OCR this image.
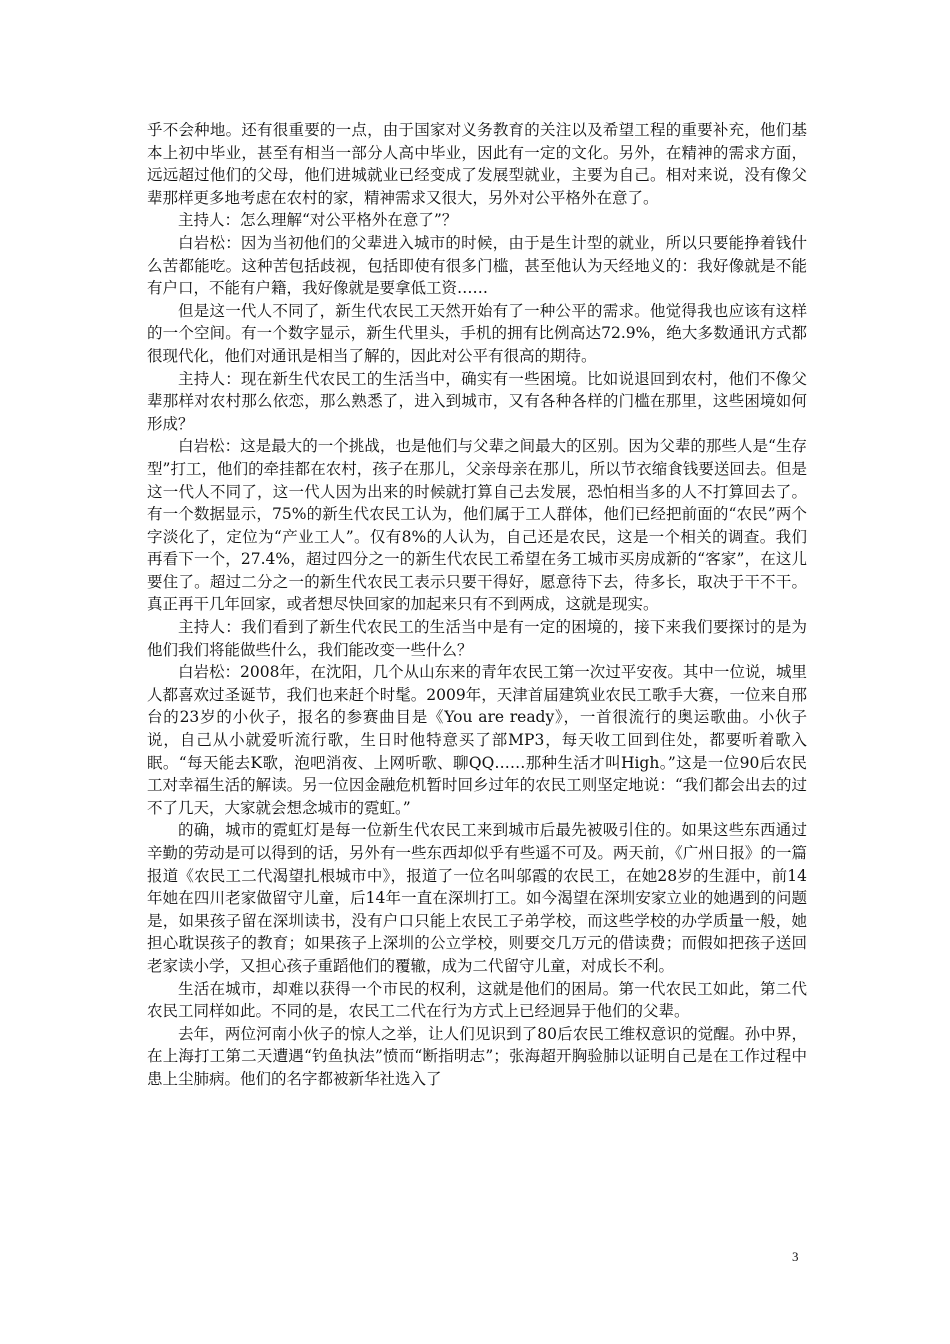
乎不会种地。还有很重要的一点，由于国家对义务教育的关注以及希望工程的重要补充，他们基本上初中毕业，甚至有相当一部分人高中毕业，因此有一定的文化。另外，在精神的需求方面，远远超过他们的父母，他们进城就业已经变成了发展型就业，主要为自己。相对来说，没有像父辈那样更多地考虑在农村的家，精神需求又很大，另外对公平格外在意了。

主持人：怎么理解“对公平格外在意了”？

白岩松：因为当初他们的父辈进入城市的时候，由于是生计型的就业，所以只要能挣着钱什么苦都能吃。这种苦包括歧视，包括即使有很多门槛，甚至他认为天经地义的：我好像就是不能有户口，不能有户籍，我好像就是要拿低工资……

但是这一代人不同了，新生代农民工天然开始有了一种公平的需求。他觉得我也应该有这样的一个空间。有一个数字显示，新生代里头，手机的拥有比例高达72.9%，绝大多数通讯方式都很现代化，他们对通讯是相当了解的，因此对公平有很高的期待。

主持人：现在新生代农民工的生活当中，确实有一些困境。比如说退回到农村，他们不像父辈那样对农村那么依恋，那么熟悉了，进入到城市，又有各种各样的门槛在那里，这些困境如何形成？

白岩松：这是最大的一个挑战，也是他们与父辈之间最大的区别。因为父辈的那些人是“生存型”打工，他们的牵挂都在农村，孩子在那儿，父亲母亲在那儿，所以节衣缩食钱要送回去。但是这一代人不同了，这一代人因为出来的时候就打算自己去发展，恐怕相当多的人不打算回去了。有一个数据显示，75%的新生代农民工认为，他们属于工人群体，他们已经把前面的“农民”两个字淡化了，定位为“产业工人”。仅有8%的人认为，自己还是农民，这是一个相关的调查。我们再看下一个，27.4%，超过四分之一的新生代农民工希望在务工城市买房成新的“客家”，在这儿要住了。超过二分之一的新生代农民工表示只要干得好，愿意待下去，待多长，取决于干不干。真正再干几年回家，或者想尽快回家的加起来只有不到两成，这就是现实。

主持人：我们看到了新生代农民工的生活当中是有一定的困境的，接下来我们要探讨的是为他们我们将能做些什么，我们能改变一些什么？

白岩松：2008年，在沈阳，几个从山东来的青年农民工第一次过平安夜。其中一位说，城里人都喜欢过圣诞节，我们也来赶个时髦。2009年，天津首届建筑业农民工歌手大赛，一位来自邢台的23岁的小伙子，报名的参赛曲目是《You are ready》，一首很流行的奥运歌曲。小伙子说，自己从小就爱听流行歌，生日时他特意买了部MP3，每天收工回到住处，都要听着歌入眠。“每天能去K歌，泡吧消夜、上网听歌、聊QQ……那种生活才叫High。”这是一位90后农民工对幸福生活的解读。另一位因金融危机暂时回乡过年的农民工则坚定地说：“我们都会出去的过不了几天，大家就会想念城市的霓虹。”

的确，城市的霓虹灯是每一位新生代农民工来到城市后最先被吸引住的。如果这些东西通过辛勤的劳动是可以得到的话，另外有一些东西却似乎有些遥不可及。两天前，《广州日报》的一篇报道《农民工二代渴望扎根城市中》，报道了一位名叫邬霞的农民工，在她28岁的生涯中，前14年她在四川老家做留守儿童，后14年一直在深圳打工。如今渴望在深圳安家立业的她遇到的问题是，如果孩子留在深圳读书，没有户口只能上农民工子弟学校，而这些学校的办学质量一般，她担心耽误孩子的教育；如果孩子上深圳的公立学校，则要交几万元的借读费；而假如把孩子送回老家读小学，又担心孩子重蹈他们的覆辙，成为二代留守儿童，对成长不利。

生活在城市，却难以获得一个市民的权利，这就是他们的困局。第一代农民工如此，第二代农民工同样如此。不同的是，农民工二代在行为方式上已经迥异于他们的父辈。

去年，两位河南小伙子的惊人之举，让人们见识到了80后农民工维权意识的觉醒。孙中界，在上海打工第二天遭遇“钓鱼执法”愤而“断指明志”；张海超开胸验肺以证明自己是在工作过程中患上尘肺病。他们的名字都被新华社选入了

3
